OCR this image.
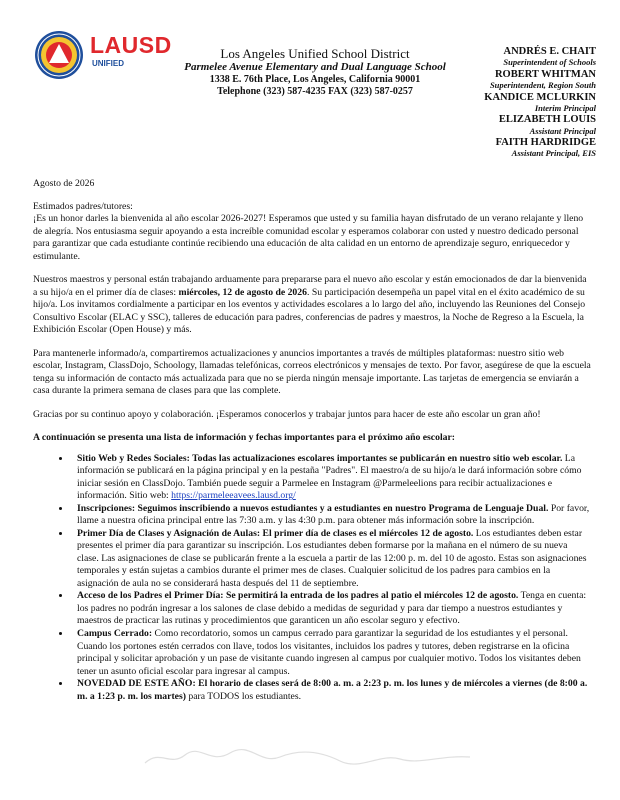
LAUSD
UNIFIED
Los Angeles Unified School District
Parmelee Avenue Elementary and Dual Language School
1338 E. 76th Place, Los Angeles, California 90001
Telephone (323) 587-4235 FAX (323) 587-0257
ANDRÉS E. CHAIT
Superintendent of Schools
ROBERT WHITMAN
Superintendent, Region South
KANDICE MCLURKIN
Interim Principal
ELIZABETH LOUIS
Assistant Principal
FAITH HARDRIDGE
Assistant Principal, EIS

Agosto de 2026

Estimados padres/tutores:

¡Es un honor darles la bienvenida al año escolar 2026-2027! Esperamos que usted y su familia hayan disfrutado de un verano relajante y lleno de alegría. Nos entusiasma seguir apoyando a esta increíble comunidad escolar y esperamos colaborar con usted y nuestro dedicado personal para garantizar que cada estudiante continúe recibiendo una educación de alta calidad en un entorno de aprendizaje seguro, enriquecedor y estimulante.

Nuestros maestros y personal están trabajando arduamente para prepararse para el nuevo año escolar y están emocionados de dar la bienvenida a su hijo/a en el primer día de clases: miércoles, 12 de agosto de 2026. Su participación desempeña un papel vital en el éxito académico de su hijo/a. Los invitamos cordialmente a participar en los eventos y actividades escolares a lo largo del año, incluyendo las Reuniones del Consejo Consultivo Escolar (ELAC y SSC), talleres de educación para padres, conferencias de padres y maestros, la Noche de Regreso a la Escuela, la Exhibición Escolar (Open House) y más.

Para mantenerle informado/a, compartiremos actualizaciones y anuncios importantes a través de múltiples plataformas: nuestro sitio web escolar, Instagram, ClassDojo, Schoology, llamadas telefónicas, correos electrónicos y mensajes de texto. Por favor, asegúrese de que la escuela tenga su información de contacto más actualizada para que no se pierda ningún mensaje importante. Las tarjetas de emergencia se enviarán a casa durante la primera semana de clases para que las complete.

Gracias por su continuo apoyo y colaboración. ¡Esperamos conocerlos y trabajar juntos para hacer de este año escolar un gran año!

A continuación se presenta una lista de información y fechas importantes para el próximo año escolar:

• Sitio Web y Redes Sociales: Todas las actualizaciones escolares importantes se publicarán en nuestro sitio web escolar. La información se publicará en la página principal y en la pestaña "Padres". El maestro/a de su hijo/a le dará información sobre cómo iniciar sesión en ClassDojo. También puede seguir a Parmelee en Instagram @Parmeleelions para recibir actualizaciones e información. Sitio web: https://parmeleeavees.lausd.org/
• Inscripciones: Seguimos inscribiendo a nuevos estudiantes y a estudiantes en nuestro Programa de Lenguaje Dual. Por favor, llame a nuestra oficina principal entre las 7:30 a.m. y las 4:30 p.m. para obtener más información sobre la inscripción.
• Primer Día de Clases y Asignación de Aulas: El primer día de clases es el miércoles 12 de agosto. Los estudiantes deben estar presentes el primer día para garantizar su inscripción. Los estudiantes deben formarse por la mañana en el número de su nueva clase. Las asignaciones de clase se publicarán frente a la escuela a partir de las 12:00 p. m. del 10 de agosto. Estas son asignaciones temporales y están sujetas a cambios durante el primer mes de clases. Cualquier solicitud de los padres para cambios en la asignación de aula no se considerará hasta después del 11 de septiembre.
• Acceso de los Padres el Primer Día: Se permitirá la entrada de los padres al patio el miércoles 12 de agosto. Tenga en cuenta: los padres no podrán ingresar a los salones de clase debido a medidas de seguridad y para dar tiempo a nuestros estudiantes y maestros de practicar las rutinas y procedimientos que garanticen un año escolar seguro y efectivo.
• Campus Cerrado: Como recordatorio, somos un campus cerrado para garantizar la seguridad de los estudiantes y el personal. Cuando los portones estén cerrados con llave, todos los visitantes, incluidos los padres y tutores, deben registrarse en la oficina principal y solicitar aprobación y un pase de visitante cuando ingresen al campus por cualquier motivo. Todos los visitantes deben tener un asunto oficial escolar para ingresar al campus.
• NOVEDAD DE ESTE AÑO: El horario de clases será de 8:00 a. m. a 2:23 p. m. los lunes y de miércoles a viernes (de 8:00 a. m. a 1:23 p. m. los martes) para TODOS los estudiantes.
